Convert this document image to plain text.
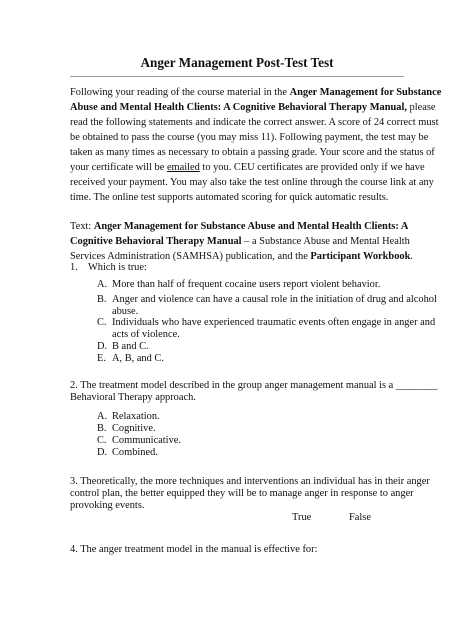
Anger Management Post-Test Test
Following your reading of the course material in the Anger Management for Substance
Abuse and Mental Health Clients: A Cognitive Behavioral Therapy Manual, please
read the following statements and indicate the correct answer. A score of 24 correct must
be obtained to pass the course (you may miss 11). Following payment, the test may be
taken as many times as necessary to obtain a passing grade. Your score and the status of
your certificate will be emailed to you. CEU certificates are provided only if we have
received your payment. You may also take the test online through the course link at any
time. The online test supports automated scoring for quick automatic results.
Text: Anger Management for Substance Abuse and Mental Health Clients: A
Cognitive Behavioral Therapy Manual – a Substance Abuse and Mental Health
Services Administration (SAMHSA) publication, and the Participant Workbook.
1. Which is true:
A. More than half of frequent cocaine users report violent behavior.
B. Anger and violence can have a causal role in the initiation of drug and alcohol
abuse.
C. Individuals who have experienced traumatic events often engage in anger and
acts of violence.
D. B and C.
E. A, B, and C.
2. The treatment model described in the group anger management manual is a ________
Behavioral Therapy approach.
A. Relaxation.
B. Cognitive.
C. Communicative.
D. Combined.
3. Theoretically, the more techniques and interventions an individual has in their anger
control plan, the better equipped they will be to manage anger in response to anger
provoking events.
True	False
4. The anger treatment model in the manual is effective for:
